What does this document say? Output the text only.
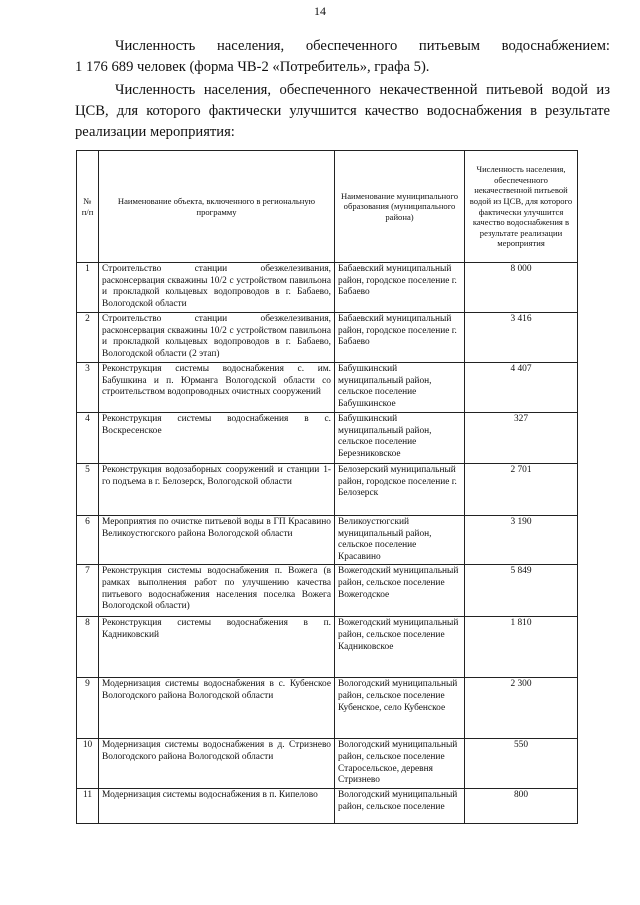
14

Численность населения, обеспеченного питьевым водоснабжением:
1 176 689 человек (форма ЧВ-2 «Потребитель», графа 5).

Численность населения, обеспеченного некачественной питьевой водой из
ЦСВ, для которого фактически улучшится качество водоснабжения в результате
реализации мероприятия:

№ п/п	Наименование объекта, включенного в региональную программу	Наименование муниципального образования (муниципального района)	Численность населения, обеспеченного некачественной питьевой водой из ЦСВ, для которого фактически улучшится качество водоснабжения в результате реализации мероприятия
1	Строительство станции обезжелезивания, расконсервация скважины 10/2 с устройством павильона и прокладкой кольцевых водопроводов в г. Бабаево, Вологодской области	Бабаевский муниципальный район, городское поселение г. Бабаево	8 000
2	Строительство станции обезжелезивания, расконсервация скважины 10/2 с устройством павильона и прокладкой кольцевых водопроводов в г. Бабаево, Вологодской области (2 этап)	Бабаевский муниципальный район, городское поселение г. Бабаево	3 416
3	Реконструкция системы водоснабжения с. им. Бабушкина и п. Юрманга Вологодской области со строительством водопроводных очистных сооружений	Бабушкинский муниципальный район, сельское поселение Бабушкинское	4 407
4	Реконструкция системы водоснабжения в с. Воскресенское	Бабушкинский муниципальный район, сельское поселение Березниковское	327
5	Реконструкция водозаборных сооружений и станции 1-го подъема в г. Белозерск, Вологодской области	Белозерский муниципальный район, городское поселение г. Белозерск	2 701
6	Мероприятия по очистке питьевой воды в ГП Красавино Великоустюгского района Вологодской области	Великоустюгский муниципальный район, сельское поселение Красавино	3 190
7	Реконструкция системы водоснабжения п. Вожега (в рамках выполнения работ по улучшению качества питьевого водоснабжения населения поселка Вожега Вологодской области)	Вожегодский муниципальный район, сельское поселение Вожегодское	5 849
8	Реконструкция системы водоснабжения в п. Кадниковский	Вожегодский муниципальный район, сельское поселение Кадниковское	1 810
9	Модернизация системы водоснабжения в с. Кубенское Вологодского района Вологодской области	Вологодский муниципальный район, сельское поселение Кубенское, село Кубенское	2 300
10	Модернизация системы водоснабжения в д. Стризнево Вологодского района Вологодской области	Вологодский муниципальный район, сельское поселение Старосельское, деревня Стризнево	550
11	Модернизация системы водоснабжения в п. Кипелово	Вологодский муниципальный район, сельское поселение	800
